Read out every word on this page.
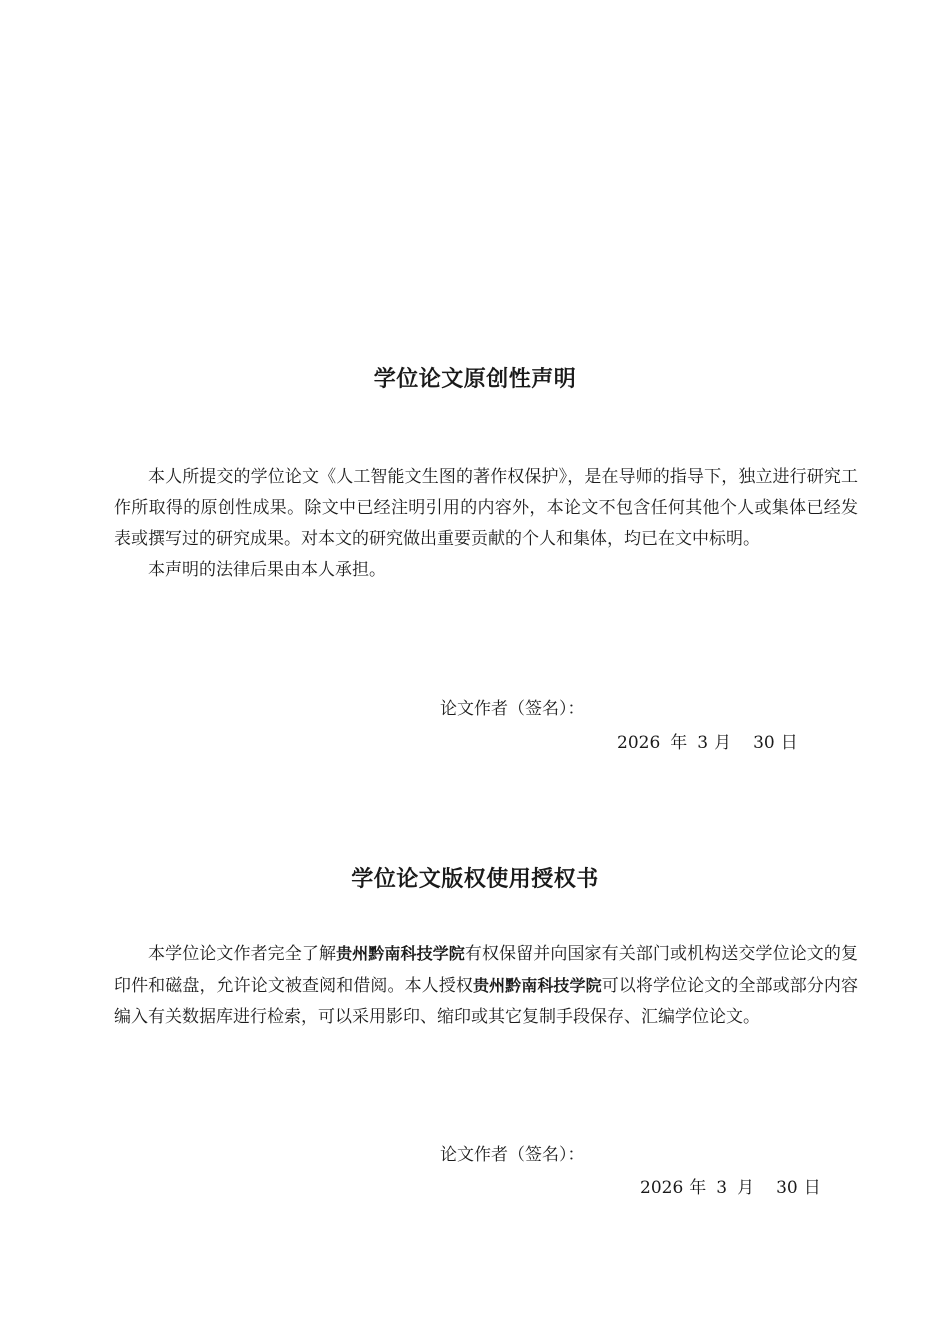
学位论文原创性声明

本人所提交的学位论文《人工智能文生图的著作权保护》，是在导师的指导下，独立进行研究工作所取得的原创性成果。除文中已经注明引用的内容外，本论文不包含任何其他个人或集体已经发表或撰写过的研究成果。对本文的研究做出重要贡献的个人和集体，均已在文中标明。

本声明的法律后果由本人承担。

论文作者（签名）：
2026 年 3 月 30 日
学位论文版权使用授权书

本学位论文作者完全了解贵州黔南科技学院有权保留并向国家有关部门或机构送交学位论文的复印件和磁盘，允许论文被查阅和借阅。本人授权贵州黔南科技学院可以将学位论文的全部或部分内容编入有关数据库进行检索，可以采用影印、缩印或其它复制手段保存、汇编学位论文。

论文作者（签名）：
2026 年 3 月 30 日
